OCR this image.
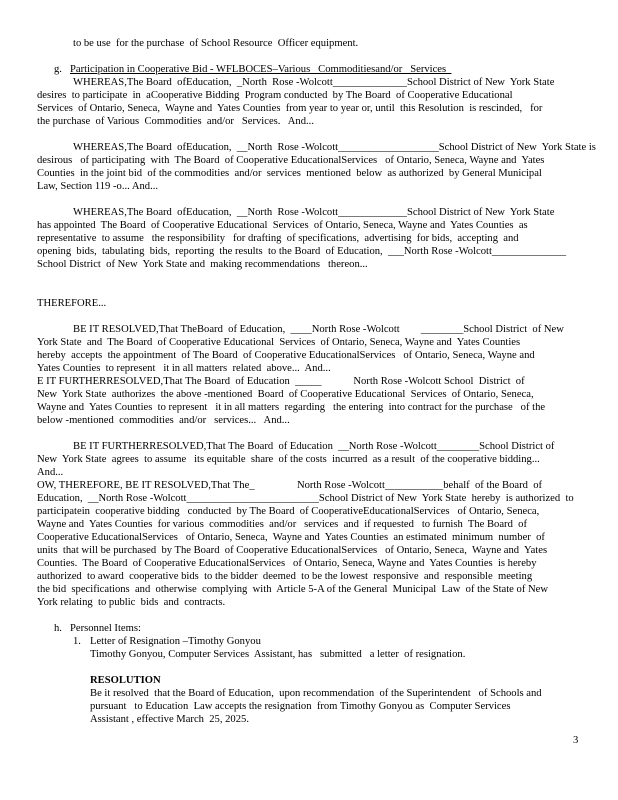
to be use  for the purchase  of School Resource  Officer equipment.
g. Participation in Cooperative Bid - WFLBOCES–Various   Commoditiesand/or   Services
WHEREAS,The Board  ofEducation,  _North  Rose -Wolcott______________School District of New  York State
desires  to participate  in  aCooperative Bidding  Program conducted  by The Board  of Cooperative Educational
Services  of Ontario, Seneca,  Wayne and  Yates Counties  from year to year or, until  this Resolution  is rescinded,   for
the purchase  of Various  Commodities  and/or   Services.   And...
WHEREAS,The Board  ofEducation,  __North  Rose -Wolcott___________________School District of New  York State is
desirous   of participating  with  The Board  of Cooperative EducationalServices   of Ontario, Seneca, Wayne and  Yates
Counties  in the joint bid  of the commodities  and/or  services  mentioned  below  as authorized  by General Municipal
Law, Section 119 -o... And...
WHEREAS,The Board  ofEducation,  __North  Rose -Wolcott_____________School District of New  York State
has appointed  The Board  of Cooperative Educational  Services  of Ontario, Seneca, Wayne and  Yates Counties  as
representative  to assume   the responsibility   for drafting  of specifications,  advertising  for bids,  accepting  and
opening  bids,  tabulating  bids,  reporting  the results  to the Board  of Education,  ___North Rose -Wolcott______________
School District  of New  York State and  making recommendations   thereon...
THEREFORE...
BE IT RESOLVED,That TheBoard  of Education,  ____North Rose -Wolcott        ________School District  of New
York State  and  The Board  of Cooperative Educational  Services  of Ontario, Seneca, Wayne and  Yates Counties
hereby  accepts  the appointment  of The Board  of Cooperative EducationalServices   of Ontario, Seneca, Wayne and
Yates Counties  to represent   it in all matters  related  above...  And...
E IT FURTHERRESOLVED,That The Board  of Education  _____            North Rose -Wolcott School  District  of
New  York State  authorizes  the above -mentioned  Board  of Cooperative Educational  Services  of Ontario, Seneca,
Wayne and  Yates Counties  to represent   it in all matters  regarding   the entering  into contract for the purchase   of the
below -mentioned  commodities  and/or   services...   And...
BE IT FURTHERRESOLVED,That The Board  of Education  __North Rose -Wolcott________School District of
New  York State  agrees  to assume   its equitable  share  of the costs  incurred  as a result  of the cooperative bidding...
And...
OW, THEREFORE, BE IT RESOLVED,That The_                North Rose -Wolcott___________behalf  of the Board  of
Education,  __North Rose -Wolcott_________________________School District of New  York State  hereby  is authorized  to
participatein  cooperative bidding   conducted  by The Board  of CooperativeEducationalServices   of Ontario, Seneca,
Wayne and  Yates Counties  for various  commodities  and/or   services  and  if requested   to furnish  The Board  of
Cooperative EducationalServices   of Ontario, Seneca,  Wayne and  Yates Counties  an estimated  minimum  number  of
units  that will be purchased  by The Board  of Cooperative EducationalServices   of Ontario, Seneca,  Wayne and  Yates
Counties.  The Board  of Cooperative EducationalServices   of Ontario, Seneca, Wayne and  Yates Counties  is hereby
authorized  to award  cooperative bids  to the bidder  deemed  to be the lowest  responsive  and  responsible  meeting
the bid  specifications  and  otherwise  complying  with  Article 5-A of the General  Municipal  Law  of the State of New
York relating  to public  bids  and  contracts.
h. Personnel Items:
1. Letter of Resignation –Timothy Gonyou
Timothy Gonyou, Computer Services  Assistant, has   submitted   a letter  of resignation.
RESOLUTION
Be it resolved  that the Board of Education,  upon recommendation  of the Superintendent   of Schools and
pursuant   to Education  Law accepts the resignation  from Timothy Gonyou as  Computer Services
Assistant , effective March  25, 2025.
3
